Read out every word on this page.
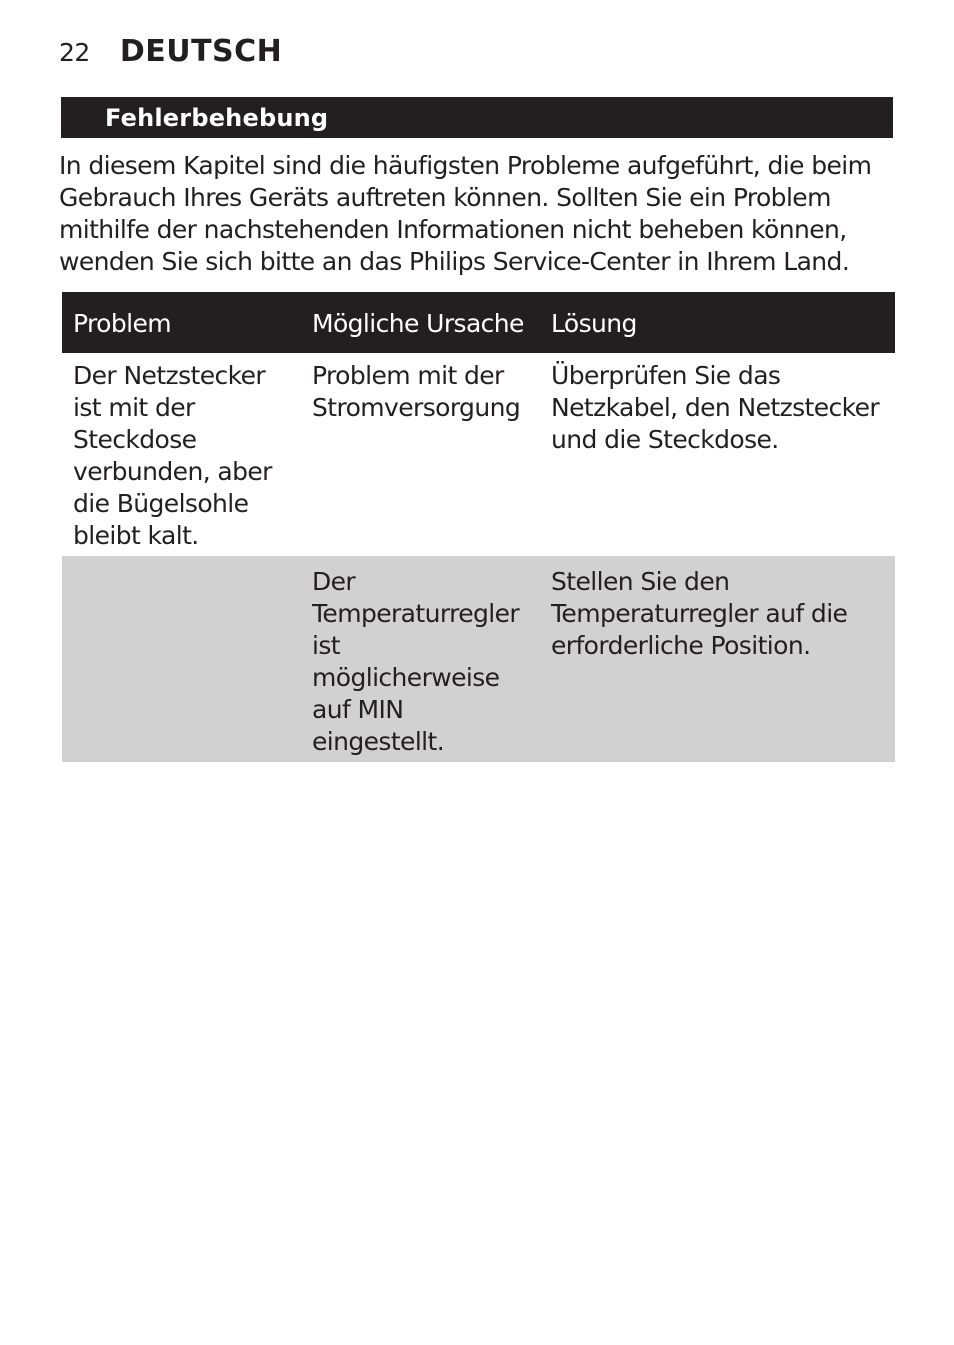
22 DEUTSCH
Fehlerbehebung

In diesem Kapitel sind die häufigsten Probleme aufgeführt, die beim Gebrauch Ihres Geräts auftreten können. Sollten Sie ein Problem mithilfe der nachstehenden Informationen nicht beheben können, wenden Sie sich bitte an das Philips Service-Center in Ihrem Land.

Problem	Mögliche Ursache	Lösung
Der Netzstecker ist mit der Steckdose verbunden, aber die Bügelsohle bleibt kalt.	Problem mit der Stromversorgung	Überprüfen Sie das Netzkabel, den Netzstecker und die Steckdose.
	Der Temperaturregler ist möglicherweise auf MIN eingestellt.	Stellen Sie den Temperaturregler auf die erforderliche Position.
